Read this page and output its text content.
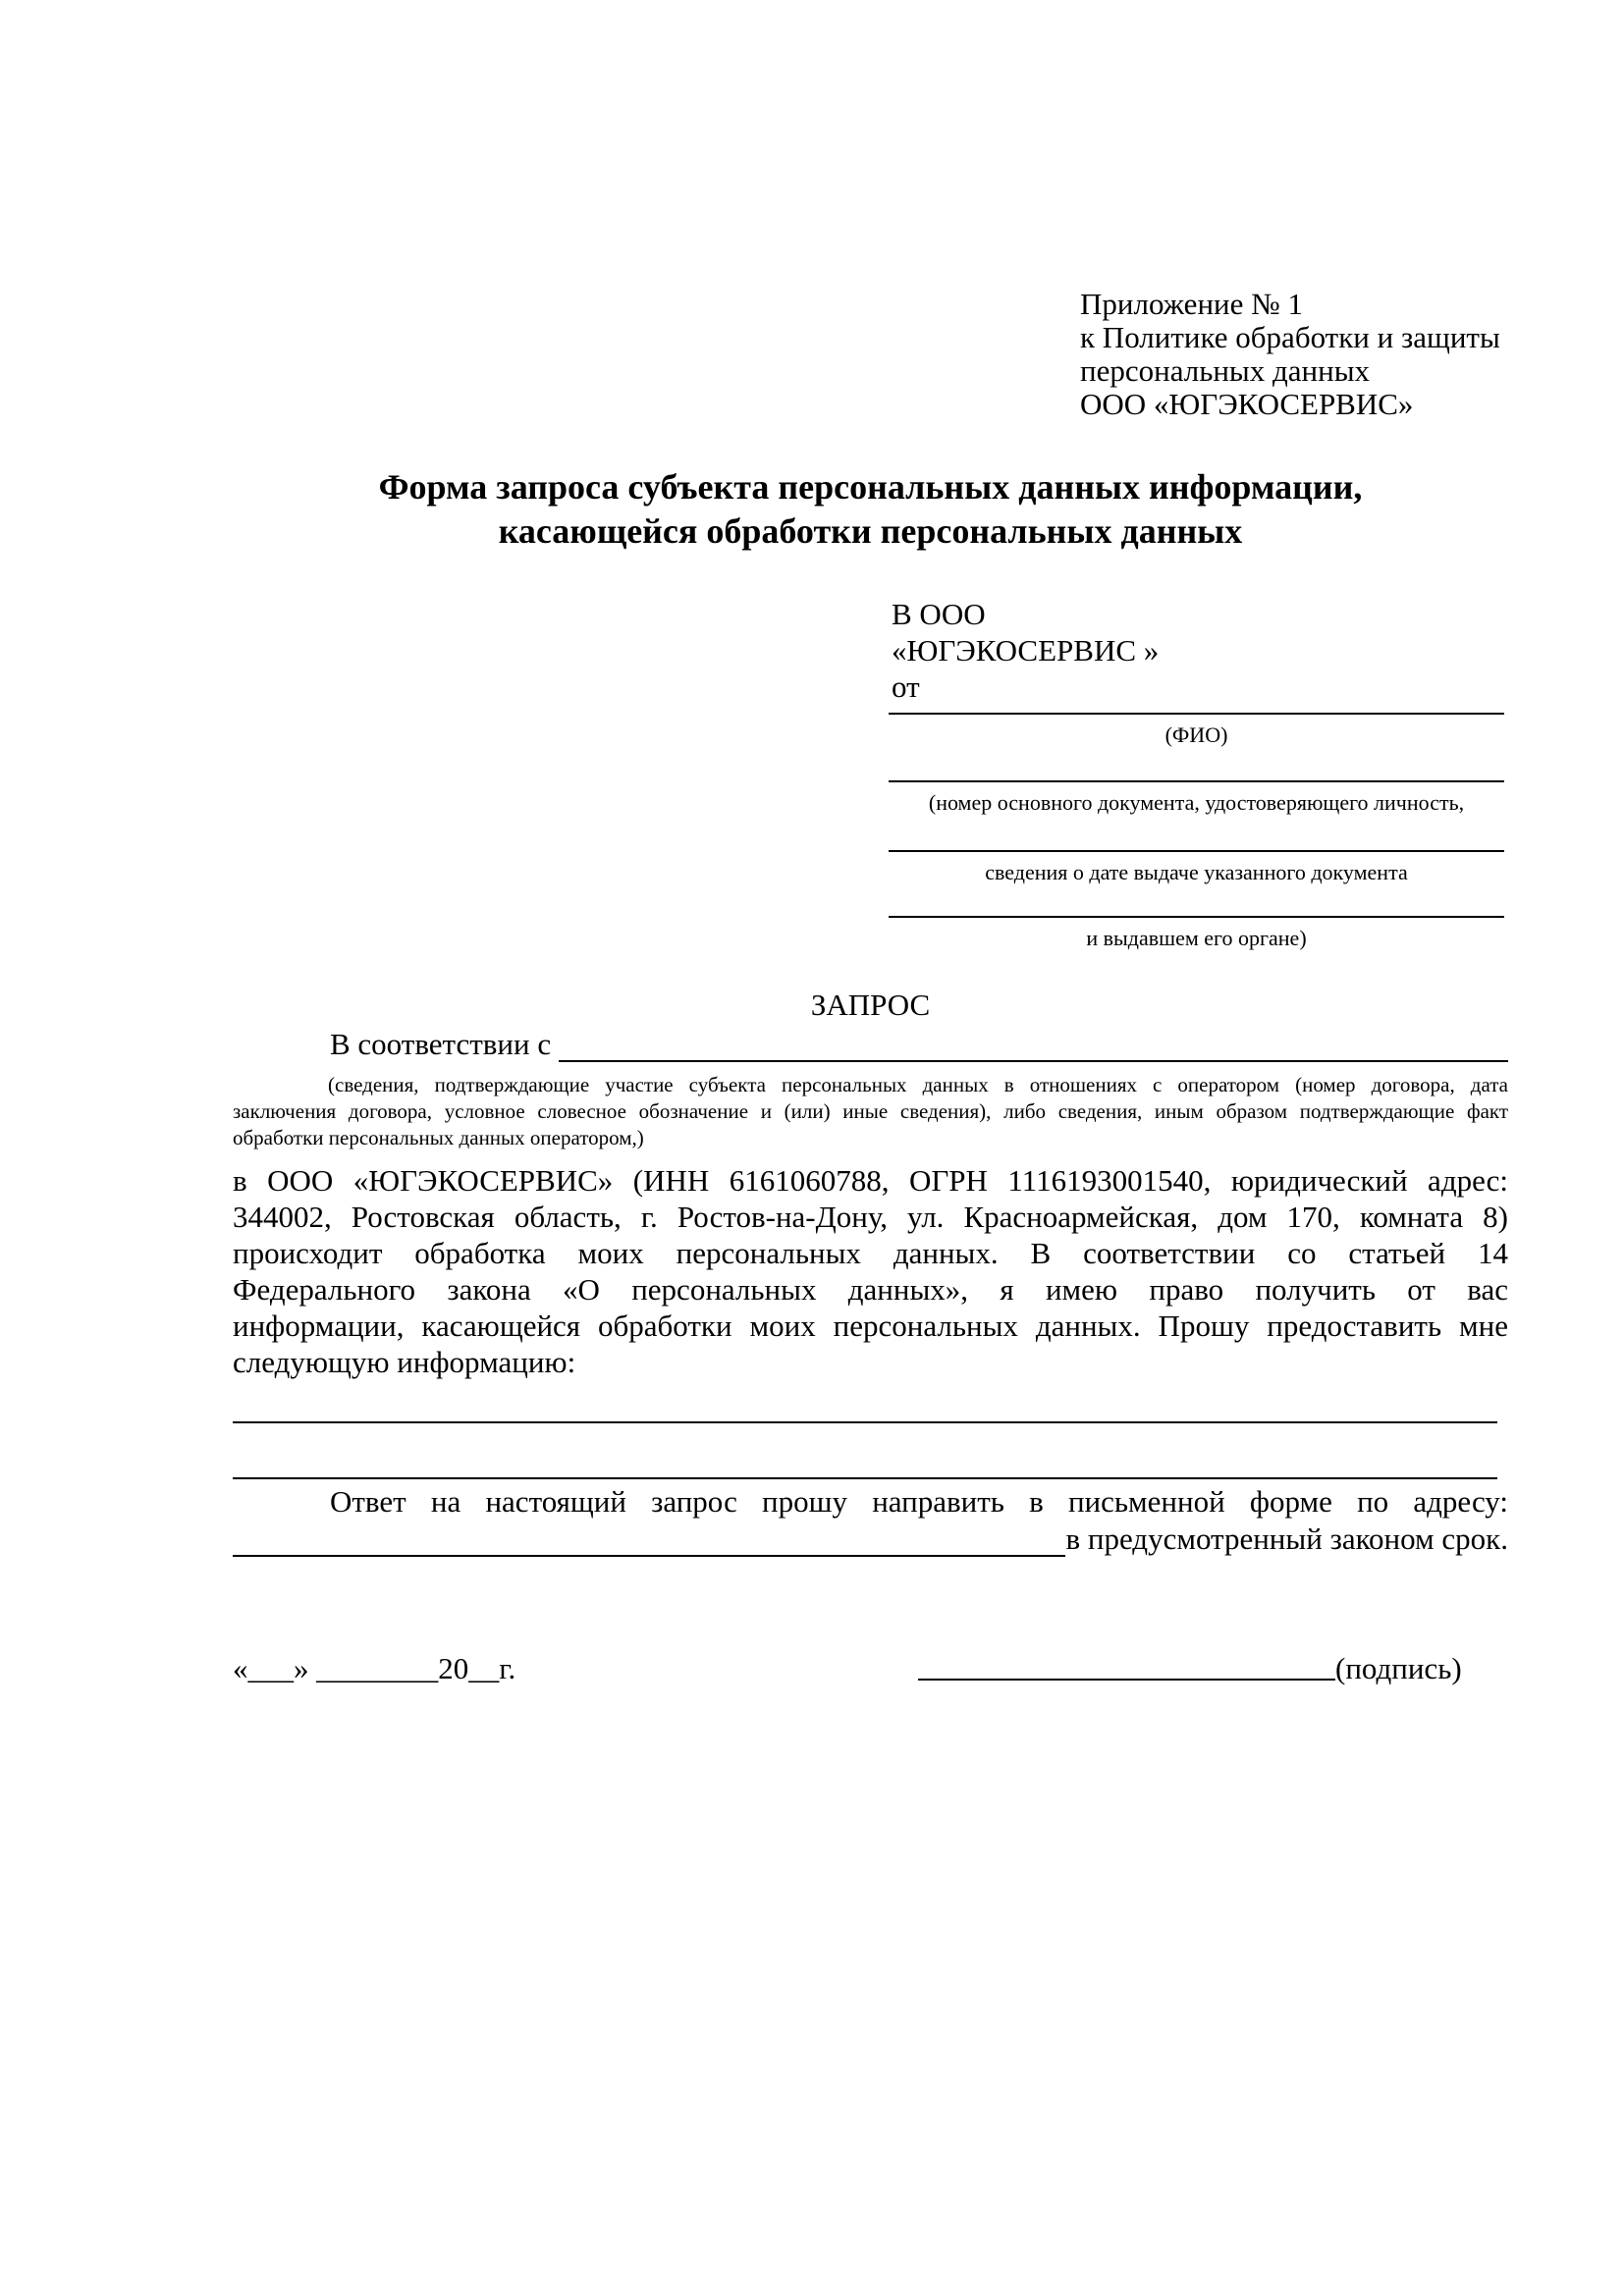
Приложение № 1
к Политике обработки и защиты
персональных данных
ООО «ЮГЭКОСЕРВИС»
Форма запроса субъекта персональных данных информации,
касающейся обработки персональных данных
В ООО
«ЮГЭКОСЕРВИС »
от
(ФИО)
(номер основного документа, удостоверяющего личность,
сведения о дате выдаче указанного документа
и выдавшем его органе)
ЗАПРОС
В соответствии с
(сведения, подтверждающие участие субъекта персональных данных в отношениях с оператором (номер договора, дата
заключения договора, условное словесное обозначение и (или) иные сведения), либо сведения, иным образом подтверждающие факт
обработки персональных данных оператором,)
в ООО «ЮГЭКОСЕРВИС» (ИНН 6161060788, ОГРН 1116193001540, юридический адрес:
344002, Ростовская область, г. Ростов-на-Дону, ул. Красноармейская, дом 170, комната 8)
происходит обработка моих персональных данных. В соответствии со статьей 14
Федерального закона «О персональных данных», я имею право получить от вас
информации, касающейся обработки моих персональных данных. Прошу предоставить мне
следующую информацию:
Ответ на настоящий запрос прошу направить в письменной форме по адресу:
в предусмотренный законом срок.
«___» ________20__г.	(подпись)
